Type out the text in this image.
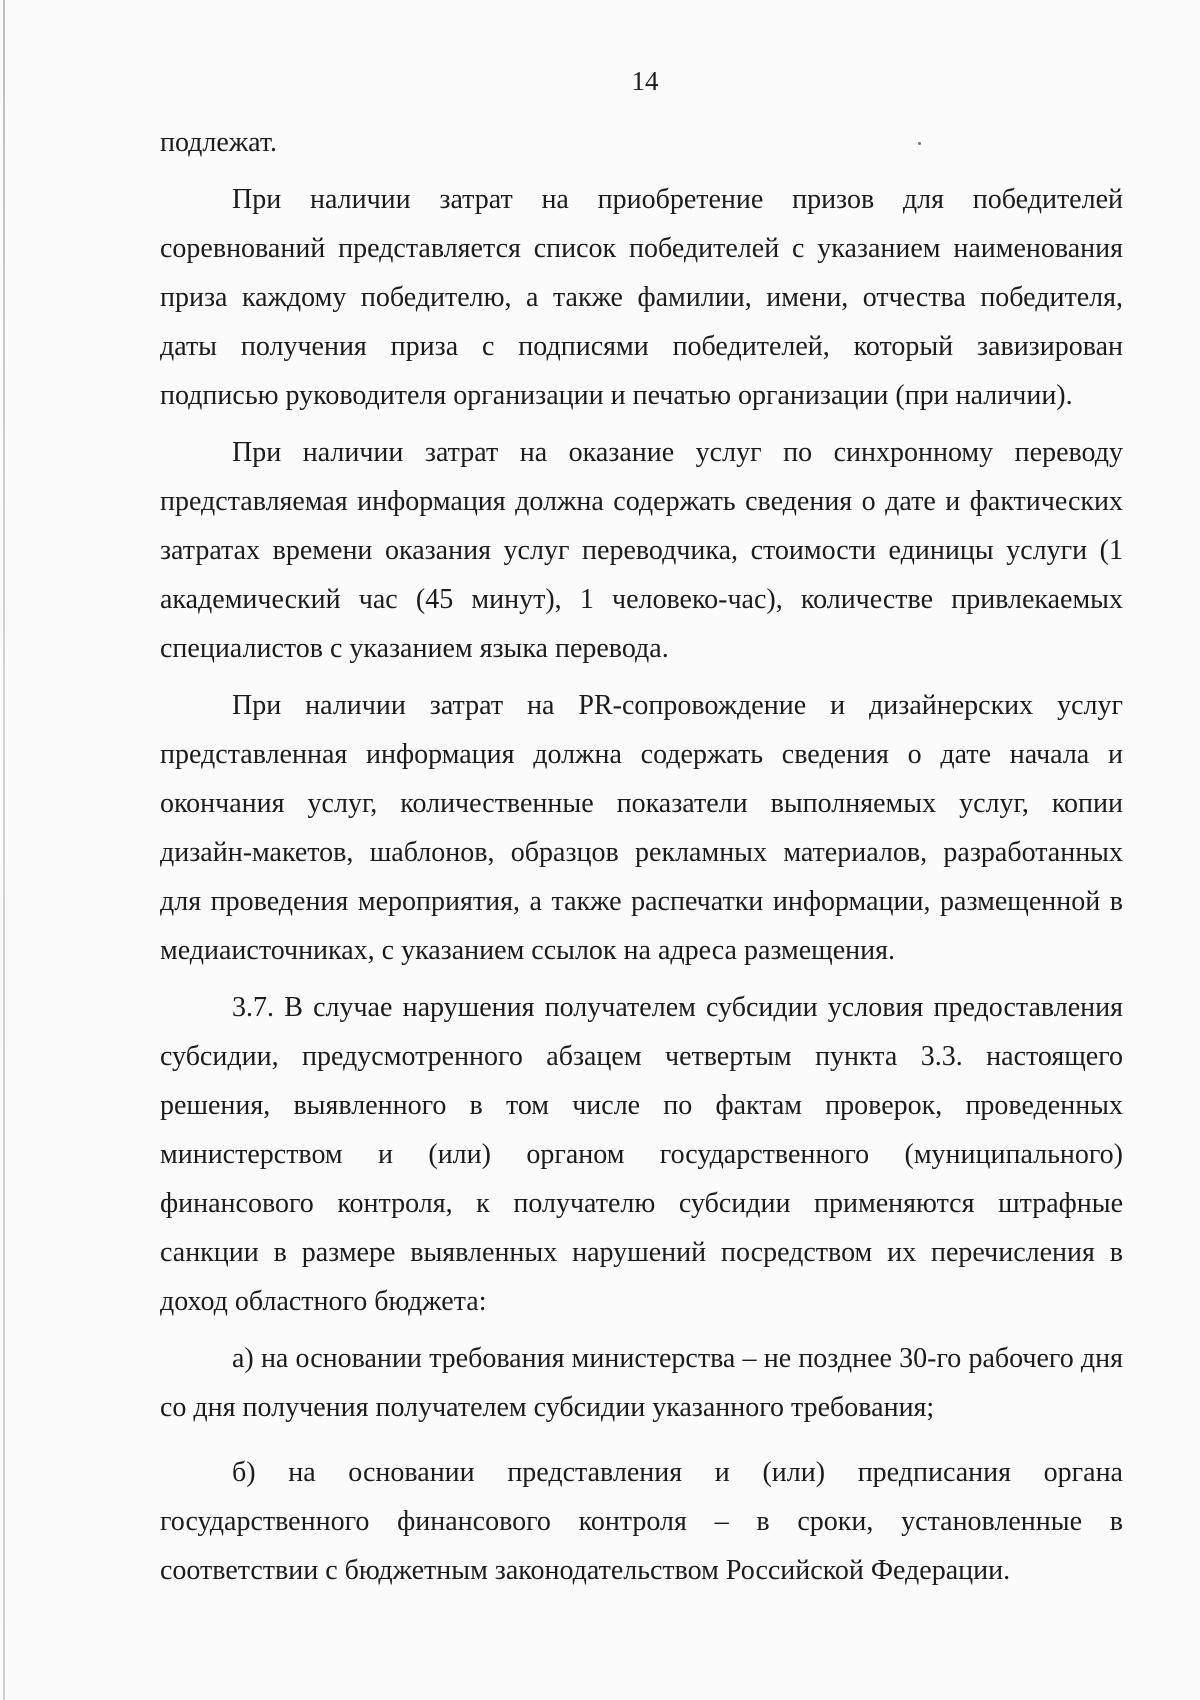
14

подлежат.

При наличии затрат на приобретение призов для победителей соревнований представляется список победителей с указанием наименования приза каждому победителю, а также фамилии, имени, отчества победителя, даты получения приза с подписями победителей, который завизирован подписью руководителя организации и печатью организации (при наличии).

При наличии затрат на оказание услуг по синхронному переводу представляемая информация должна содержать сведения о дате и фактических затратах времени оказания услуг переводчика, стоимости единицы услуги (1 академический час (45 минут), 1 человеко-час), количестве привлекаемых специалистов с указанием языка перевода.

При наличии затрат на PR-сопровождение и дизайнерских услуг представленная информация должна содержать сведения о дате начала и окончания услуг, количественные показатели выполняемых услуг, копии дизайн-макетов, шаблонов, образцов рекламных материалов, разработанных для проведения мероприятия, а также распечатки информации, размещенной в медиаисточниках, с указанием ссылок на адреса размещения.

3.7. В случае нарушения получателем субсидии условия предоставления субсидии, предусмотренного абзацем четвертым пункта 3.3. настоящего решения, выявленного в том числе по фактам проверок, проведенных министерством и (или) органом государственного (муниципального) финансового контроля, к получателю субсидии применяются штрафные санкции в размере выявленных нарушений посредством их перечисления в доход областного бюджета:

а) на основании требования министерства – не позднее 30-го рабочего дня со дня получения получателем субсидии указанного требования;

б) на основании представления и (или) предписания органа государственного финансового контроля – в сроки, установленные в соответствии с бюджетным законодательством Российской Федерации.
